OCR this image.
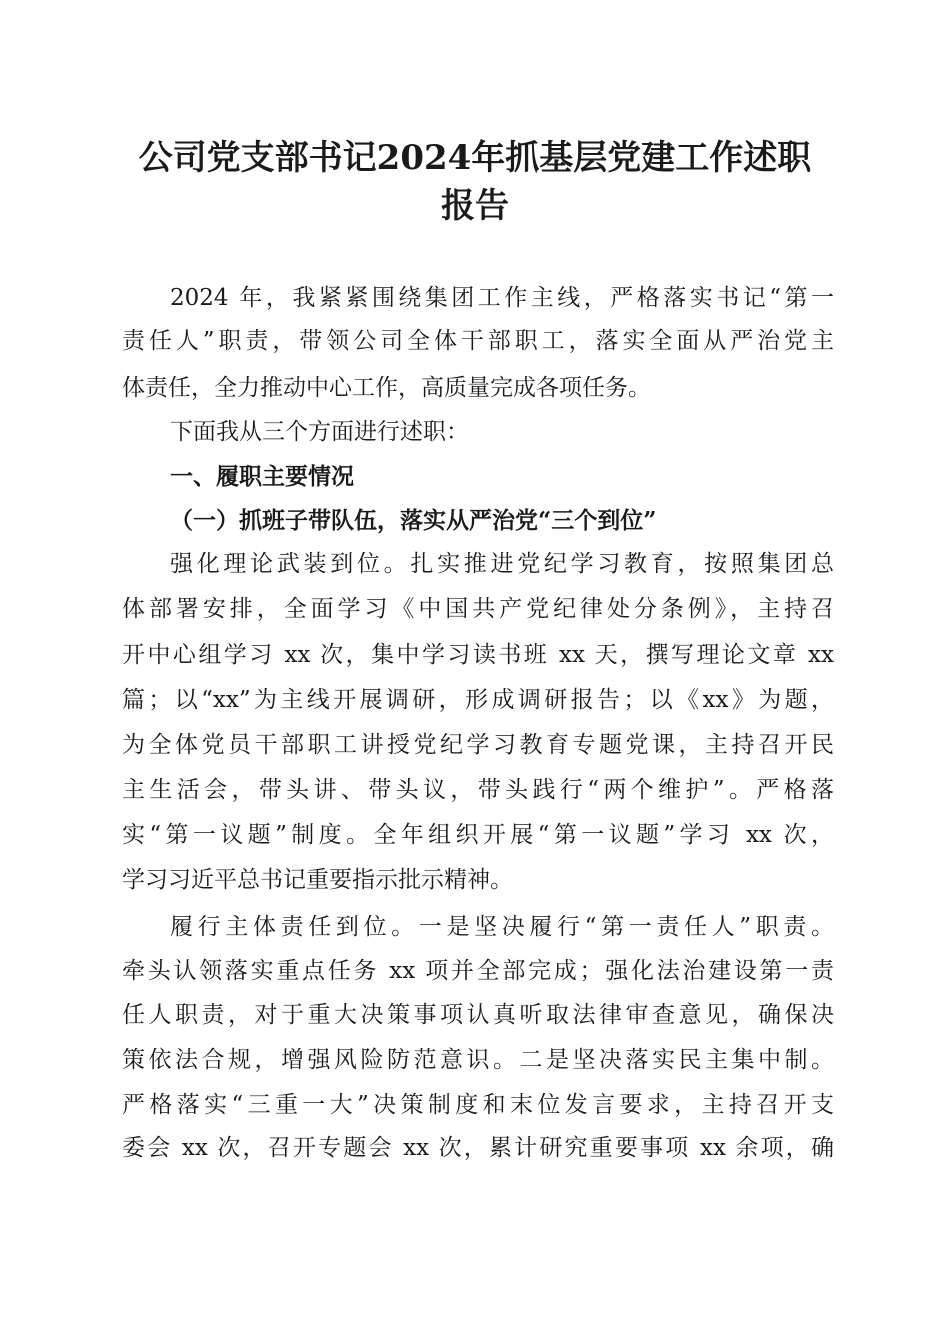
公司党支部书记2024年抓基层党建工作述职
报告
2024 年，我紧紧围绕集团工作主线，严格落实书记“第一
责任人”职责，带领公司全体干部职工，落实全面从严治党主
体责任，全力推动中心工作，高质量完成各项任务。
下面我从三个方面进行述职：
一、履职主要情况
（一）抓班子带队伍，落实从严治党“三个到位”
强化理论武装到位。扎实推进党纪学习教育，按照集团总
体部署安排，全面学习《中国共产党纪律处分条例》，主持召
开中心组学习 xx 次，集中学习读书班 xx 天，撰写理论文章 xx
篇；以“xx”为主线开展调研，形成调研报告；以《xx》为题，
为全体党员干部职工讲授党纪学习教育专题党课，主持召开民
主生活会，带头讲、带头议，带头践行“两个维护”。严格落
实“第一议题”制度。全年组织开展“第一议题”学习 xx 次，
学习习近平总书记重要指示批示精神。
履行主体责任到位。一是坚决履行“第一责任人”职责。
牵头认领落实重点任务 xx 项并全部完成；强化法治建设第一责
任人职责，对于重大决策事项认真听取法律审查意见，确保决
策依法合规，增强风险防范意识。二是坚决落实民主集中制。
严格落实“三重一大”决策制度和末位发言要求，主持召开支
委会 xx 次，召开专题会 xx 次，累计研究重要事项 xx 余项，确
